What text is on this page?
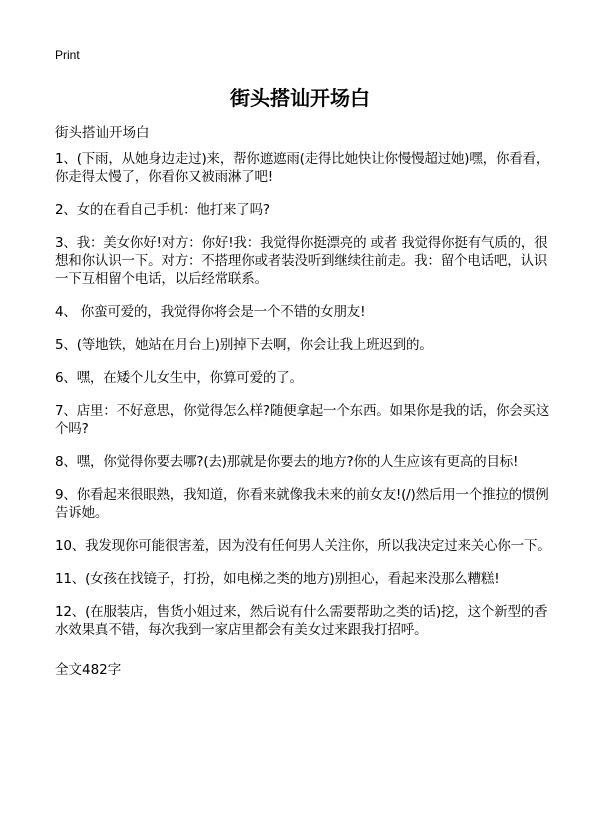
Print
街头搭讪开场白
街头搭讪开场白

1、(下雨，从她身边走过)来，帮你遮遮雨(走得比她快让你慢慢超过她)嘿，你看看，你走得太慢了，你看你又被雨淋了吧!

2、女的在看自己手机：他打来了吗?

3、我：美女你好!对方：你好!我：我觉得你挺漂亮的 或者 我觉得你挺有气质的，很想和你认识一下。对方：不搭理你或者装没听到继续往前走。我：留个电话吧，认识一下互相留个电话，以后经常联系。

4、 你蛮可爱的，我觉得你将会是一个不错的女朋友!

5、(等地铁，她站在月台上)别掉下去啊，你会让我上班迟到的。

6、嘿，在矮个儿女生中，你算可爱的了。

7、店里：不好意思，你觉得怎么样?随便拿起一个东西。如果你是我的话，你会买这个吗?

8、嘿，你觉得你要去哪?(去)那就是你要去的地方?你的人生应该有更高的目标!

9、你看起来很眼熟，我知道，你看来就像我未来的前女友!(/)然后用一个推拉的惯例告诉她。

10、我发现你可能很害羞，因为没有任何男人关注你，所以我决定过来关心你一下。

11、(女孩在找镜子，打扮，如电梯之类的地方)别担心，看起来没那么糟糕!

12、(在服装店，售货小姐过来，然后说有什么需要帮助之类的话)挖，这个新型的香水效果真不错，每次我到一家店里都会有美女过来跟我打招呼。

全文482字
